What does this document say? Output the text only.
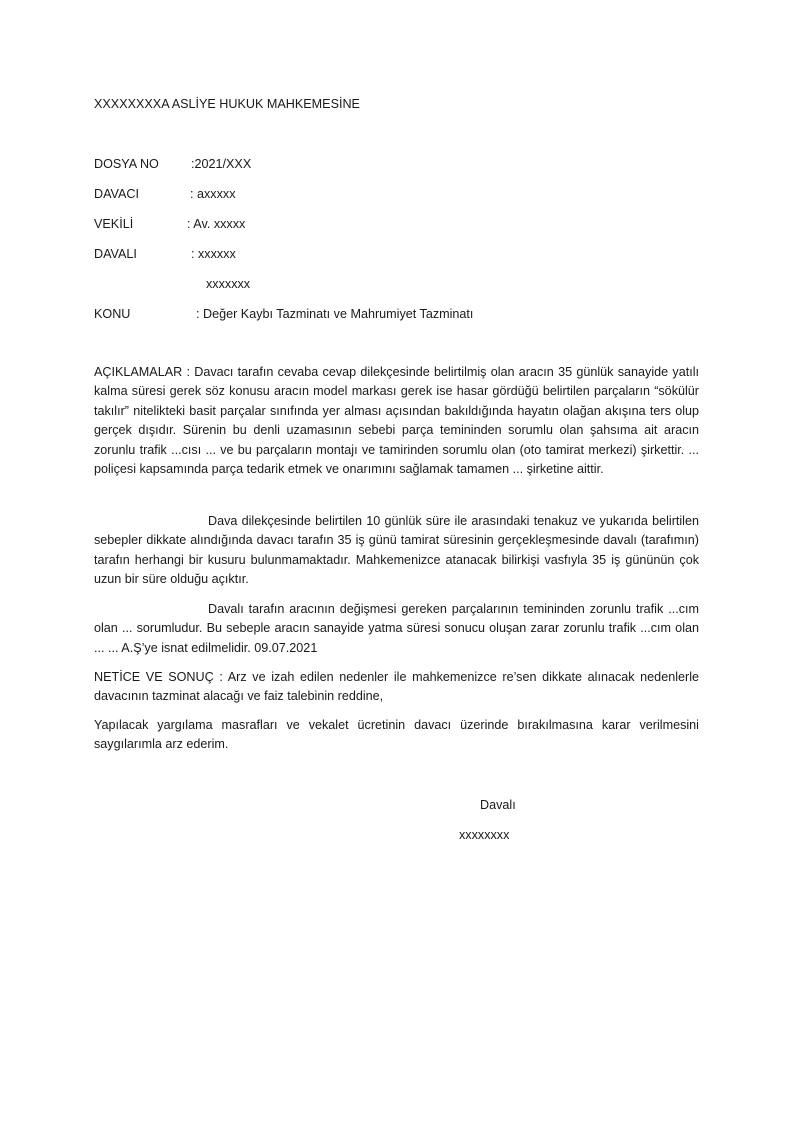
XXXXXXXXA ASLİYE HUKUK MAHKEMESİNE
DOSYA NO	:2021/XXX
DAVACI	: axxxxx
VEKİLİ	: Av. xxxxx
DAVALI	: xxxxxx
xxxxxxx
KONU	: Değer Kaybı Tazminatı ve Mahrumiyet Tazminatı

AÇIKLAMALAR : Davacı tarafın cevaba cevap dilekçesinde belirtilmiş olan aracın 35 günlük sanayide yatılı kalma süresi gerek söz konusu aracın model markası gerek ise hasar gördüğü belirtilen parçaların “sökülür takılır” nitelikteki basit parçalar sınıfında yer alması açısından bakıldığında hayatın olağan akışına ters olup gerçek dışıdır. Sürenin bu denli uzamasının sebebi parça temininden sorumlu olan şahsıma ait aracın zorunlu trafik ...cısı ... ve bu parçaların montajı ve tamirinden sorumlu olan (oto tamirat merkezi) şirkettir. ... poliçesi kapsamında parça tedarik etmek ve onarımını sağlamak tamamen ... şirketine aittir.

Dava dilekçesinde belirtilen 10 günlük süre ile arasındaki tenakuz ve yukarıda belirtilen sebepler dikkate alındığında davacı tarafın 35 iş günü tamirat süresinin gerçekleşmesinde davalı (tarafımın) tarafın herhangi bir kusuru bulunmamaktadır. Mahkemenizce atanacak bilirkişi vasfıyla 35 iş gününün çok uzun bir süre olduğu açıktır.

Davalı tarafın aracının değişmesi gereken parçalarının temininden zorunlu trafik ...cım olan ... sorumludur. Bu sebeple aracın sanayide yatma süresi sonucu oluşan zarar zorunlu trafik ...cım olan ... ... A.Ş’ye isnat edilmelidir. 09.07.2021

NETİCE VE SONUÇ : Arz ve izah edilen nedenler ile mahkemenizce re’sen dikkate alınacak nedenlerle davacının tazminat alacağı ve faiz talebinin reddine,

Yapılacak yargılama masrafları ve vekalet ücretinin davacı üzerinde bırakılmasına karar verilmesini saygılarımla arz ederim.

Davalı
xxxxxxxx
